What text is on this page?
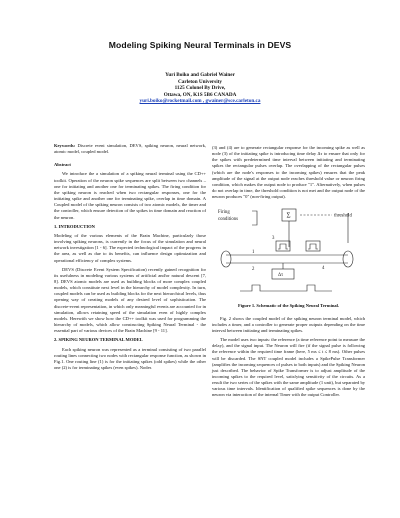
Modeling Spiking Neural Terminals in DEVS
Yuri Boiko and Gabriel Wainer
Carleton University
1125 Colonel By Drive,
Ottawa, ON, K1S 5B6 CANADA
yuri.boiko@rocketmail.com , gwainer@sce.carleton.ca

Keywords: Discrete event simulation, DEVS, spiking neuron, neural network, atomic model, coupled model.

Abstract

We introduce the a simulation of a spiking neural terminal using the CD++ toolkit. Operation of the neuron spike sequences are split between two channels – one for initiating and another one for terminating spikes. The firing condition for the spiking neuron is reached when two rectangular responses, one for the initiating spike and another one for terminating spike, overlap in time domain. A Coupled model of the spiking neuron consists of two atomic models, the timer and the controller, which ensure detection of the spikes in time domain and reaction of the neuron.

1. INTRODUCTION

Modeling of the various elements of the Brain Machine, particularly those involving spiking neurons, is currently in the focus of the simulation and neural network investigation [1 - 6]. The expected technological impact of the progress in the area, as well as due to its benefits, can influence design optimization and operational efficiency of complex systems.

DEVS (Discrete Event System Specification) recently gained recognition for its usefulness in modeling various systems of artificial and/or natural descent [7, 8]. DEVS atomic models are used as building blocks of more complex coupled models, which constitute next level in the hierarchy of model complexity. In turn, coupled models can be used as building blocks for the next hierarchical levels, thus opening way of creating models of any desired level of sophistication. The discrete-event representation, in which only meaningful events are accounted for in simulation, allows retaining speed of the simulation even of highly complex models. Herewith we show how the CD++ toolkit was used for programming the hierarchy of models, which allow constructing Spiking Neural Terminal - the essential part of various devices of the Brain Machine [9 - 11].

2. SPIKING NEURON TERMINAL MODEL

Each spiking neuron was represented as a terminal consisting of two parallel routing lines connecting two nodes with rectangular response function, as shown in Fig.1. One routing line (1) is for the initiating spikes (odd spikes) while the other one (2) is for terminating spikes (even spikes). Nodes

(3) and (4) are to generate rectangular response for the incoming spike as well as node (3) of the initiating spike is introducing time delay Δτ to ensure that only for the spikes with predetermined time interval between initiating and terminating spikes the rectangular pulses overlap. The overlapping of the rectangular pulses (which are the node's responses to the incoming spikes) ensures that the peak amplitude of the signal at the output node reaches threshold value or neuron firing condition, which makes the output node to produce "1". Alternatively, when pulses do not overlap in time, the threshold condition is not met and the output node of the neuron produces "0" (non-firing output).

Firing
conditions	Σ	threshold
1
2
3
4
Δτ

Figure 1. Schematic of the Spiking Neural Terminal.

Fig. 2 shows the coupled model of the spiking neuron terminal model, which includes a timer, and a controller to generate proper outputs depending on the time interval between initiating and terminating spikes.

The model uses two inputs: the reference (a time reference point to measure the delay), and the signal input. The Neuron will fire (if the signal pulse is following the reference within the required time frame (here, 5 ms ≤ t ≤ 8 ms). Other pulses will be discarded. The SNT coupled model includes a SpikePulse Transformer (amplifies the incoming sequences of pulses to both inputs) and the Spiking Neuron just described. The behavior of Spike Transformer is to adjust amplitude of the incoming spikes to the required level, satisfying sensitivity of the circuits. As a result the two series of the spikes with the same amplitude (1 unit), but separated by various time intervals. Identification of qualified spike sequences is done by the neuron via interaction of the internal Timer with the output Controller.
